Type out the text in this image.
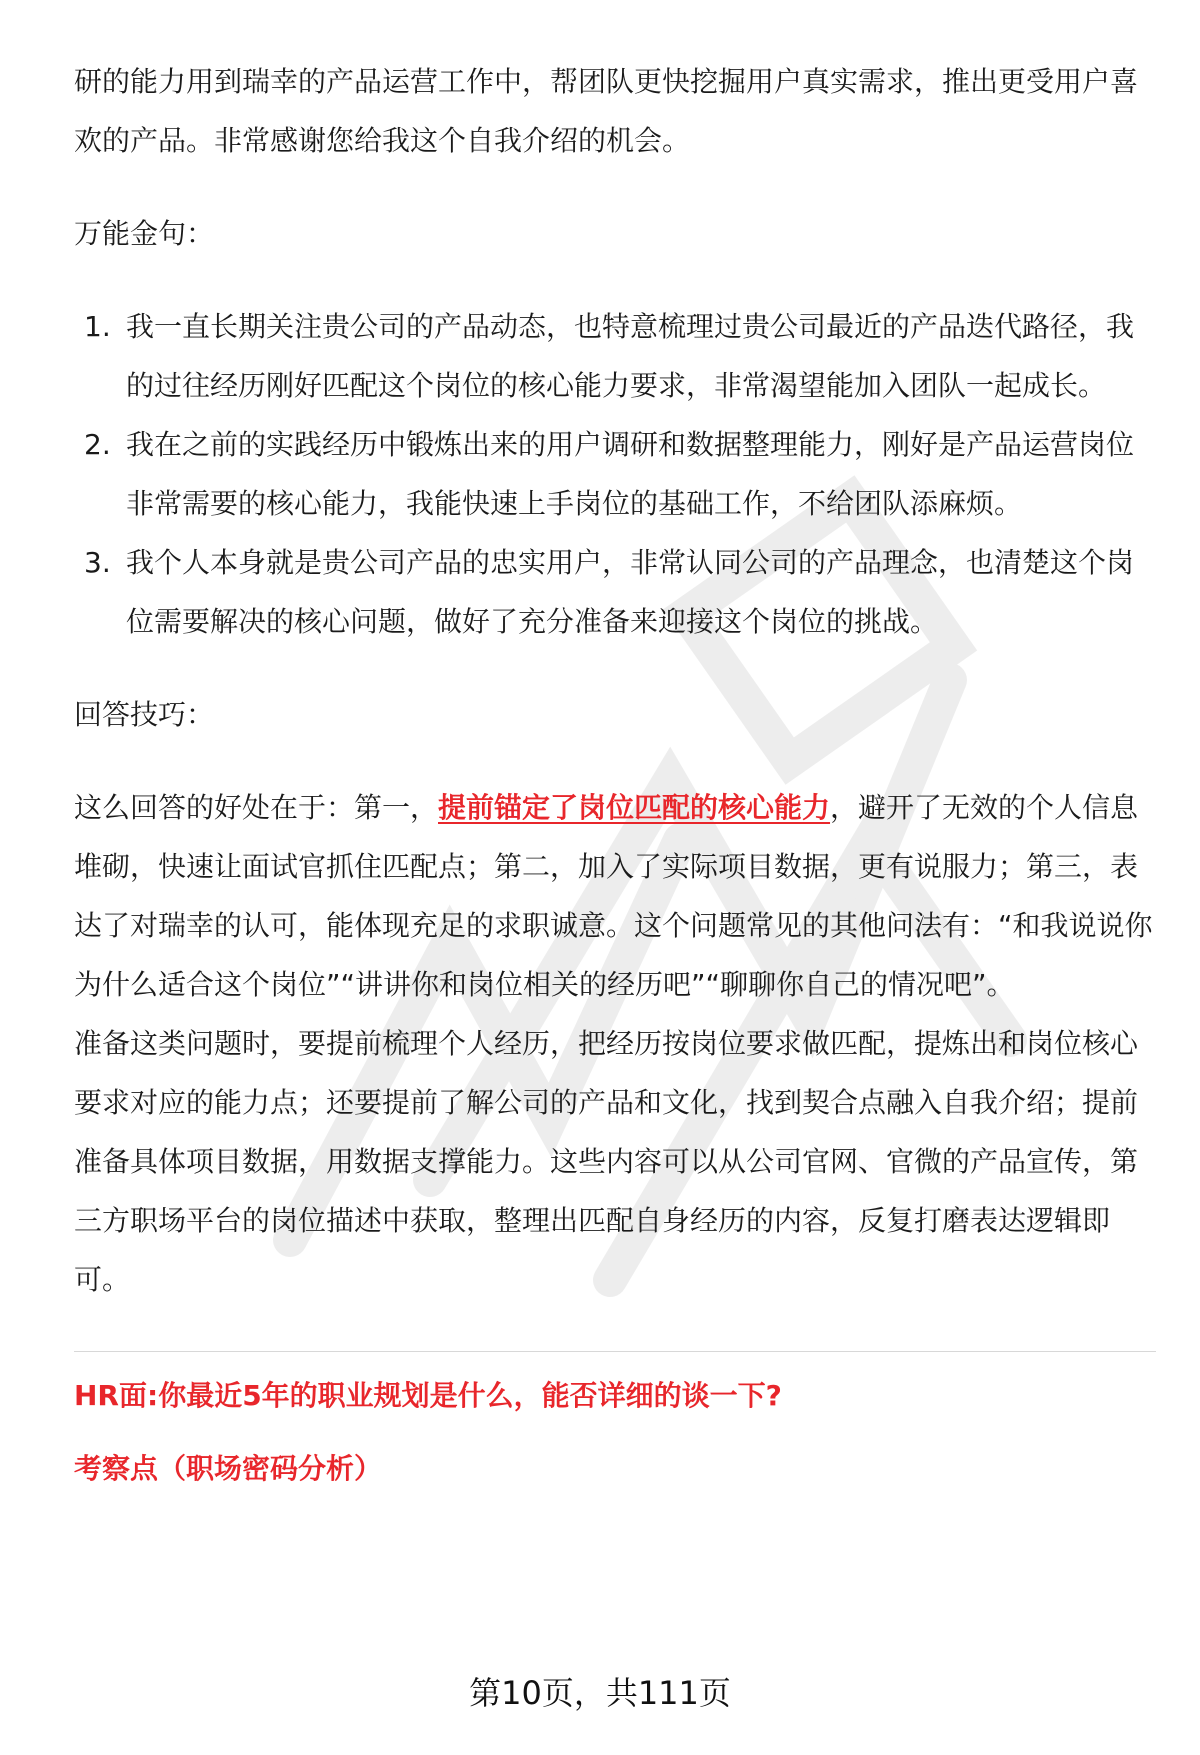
研的能力用到瑞幸的产品运营工作中，帮团队更快挖掘用户真实需求，推出更受用户喜欢的产品。非常感谢您给我这个自我介绍的机会。

万能金句：

1. 我一直长期关注贵公司的产品动态，也特意梳理过贵公司最近的产品迭代路径，我的过往经历刚好匹配这个岗位的核心能力要求，非常渴望能加入团队一起成长。
2. 我在之前的实践经历中锻炼出来的用户调研和数据整理能力，刚好是产品运营岗位非常需要的核心能力，我能快速上手岗位的基础工作，不给团队添麻烦。
3. 我个人本身就是贵公司产品的忠实用户，非常认同公司的产品理念，也清楚这个岗位需要解决的核心问题，做好了充分准备来迎接这个岗位的挑战。

回答技巧：

这么回答的好处在于：第一，提前锚定了岗位匹配的核心能力，避开了无效的个人信息堆砌，快速让面试官抓住匹配点；第二，加入了实际项目数据，更有说服力；第三，表达了对瑞幸的认可，能体现充足的求职诚意。这个问题常见的其他问法有：“和我说说你为什么适合这个岗位”“讲讲你和岗位相关的经历吧”“聊聊你自己的情况吧”。

准备这类问题时，要提前梳理个人经历，把经历按岗位要求做匹配，提炼出和岗位核心要求对应的能力点；还要提前了解公司的产品和文化，找到契合点融入自我介绍；提前准备具体项目数据，用数据支撑能力。这些内容可以从公司官网、官微的产品宣传，第三方职场平台的岗位描述中获取，整理出匹配自身经历的内容，反复打磨表达逻辑即可。

HR面:你最近5年的职业规划是什么，能否详细的谈一下?

考察点（职场密码分析）

第10页，共111页
